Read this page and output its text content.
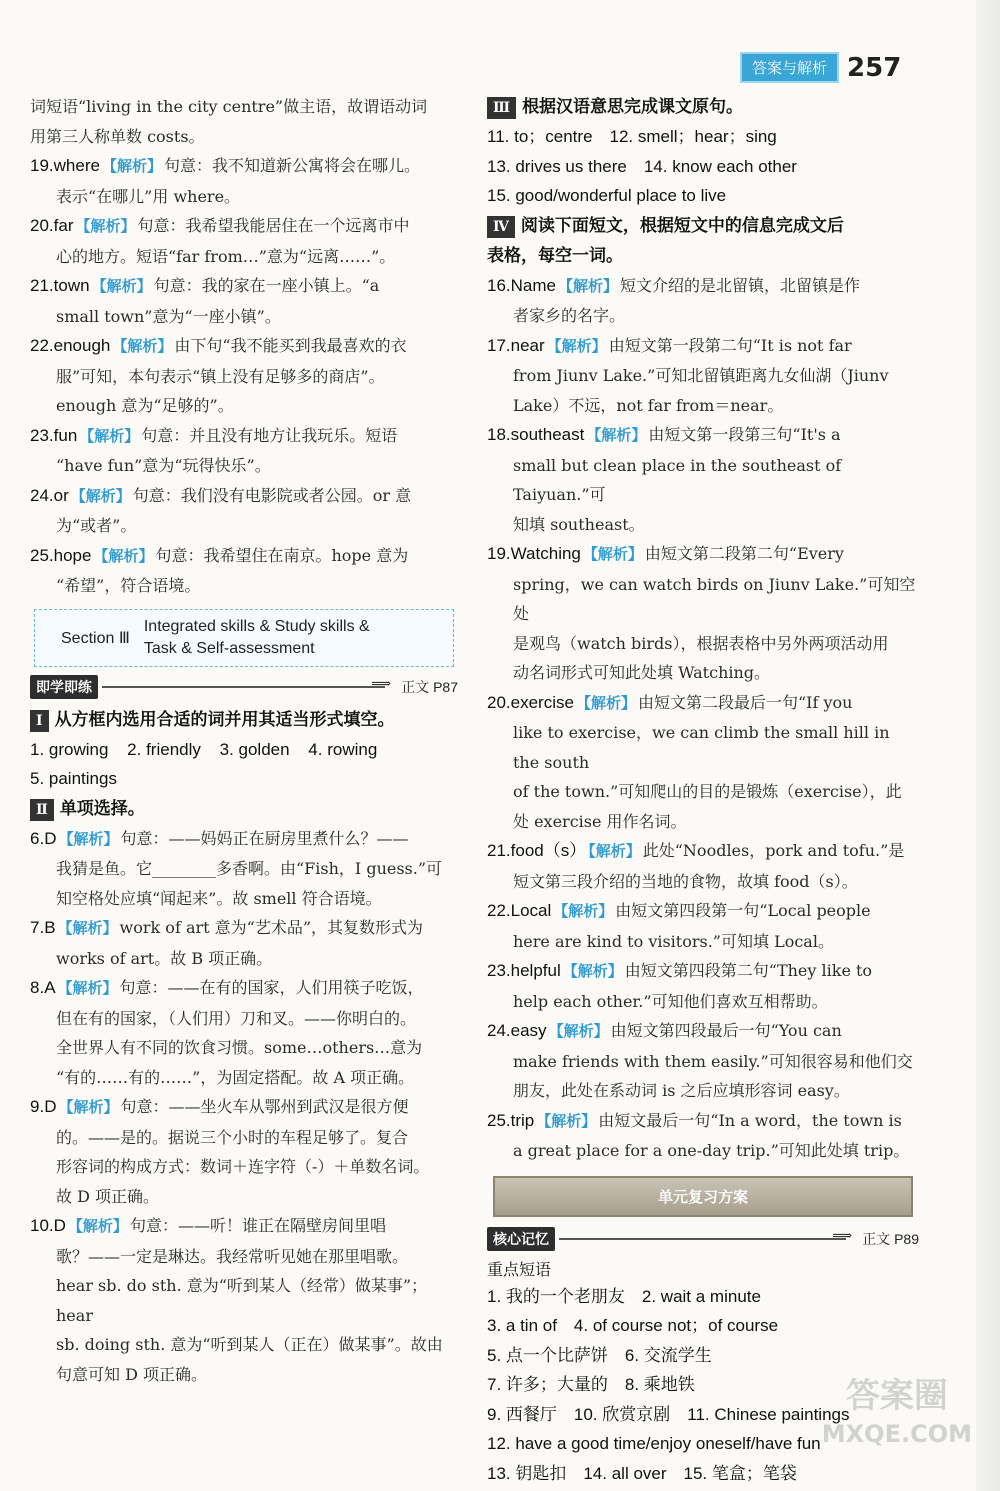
答案与解析 257

词短语“living in the city centre”做主语，故谓语动词

用第三人称单数 costs。

19.where 【解析】 句意：我不知道新公寓将会在哪儿。

表示“在哪儿”用 where。

20.far 【解析】 句意：我希望我能居住在一个远离市中

心的地方。短语“far from…”意为“远离……”。

21.town 【解析】 句意：我的家在一座小镇上。“a

small town”意为“一座小镇”。

22.enough 【解析】 由下句“我不能买到我最喜欢的衣

服”可知，本句表示“镇上没有足够多的商店”。

enough 意为“足够的”。

23.fun 【解析】 句意：并且没有地方让我玩乐。短语

“have fun”意为“玩得快乐”。

24.or 【解析】 句意：我们没有电影院或者公园。or 意

为“或者”。

25.hope 【解析】 句意：我希望住在南京。hope 意为

“希望”，符合语境。

Section Ⅲ
Integrated skills & Study skills &
Task & Self-assessment
即学即练 ⟹	正文 P87

Ⅰ 从方框内选用合适的词并用其适当形式填空。

1. growing 2. friendly 3. golden 4. rowing

5. paintings

Ⅱ 单项选择。

6.D 【解析】 句意：——妈妈正在厨房里煮什么？——

我猜是鱼。它________多香啊。由“Fish，I guess.”可

知空格处应填“闻起来”。故 smell 符合语境。

7.B 【解析】 work of art 意为“艺术品”，其复数形式为

works of art。故 B 项正确。

8.A 【解析】 句意：——在有的国家，人们用筷子吃饭，

但在有的国家，（人们用）刀和叉。——你明白的。

全世界人有不同的饮食习惯。some…others…意为

“有的……有的……”，为固定搭配。故 A 项正确。

9.D 【解析】 句意：——坐火车从鄂州到武汉是很方便

的。——是的。据说三个小时的车程足够了。复合

形容词的构成方式：数词＋连字符（-）＋单数名词。

故 D 项正确。

10.D 【解析】 句意：——听！谁正在隔壁房间里唱

歌？——一定是琳达。我经常听见她在那里唱歌。

hear sb. do sth. 意为“听到某人（经常）做某事”；hear

sb. doing sth. 意为“听到某人（正在）做某事”。故由

句意可知 D 项正确。

Ⅲ 根据汉语意思完成课文原句。

11. to；centre　12. smell；hear；sing

13. drives us there　14. know each other

15. good/wonderful place to live

Ⅳ 阅读下面短文，根据短文中的信息完成文后

表格，每空一词。

16.Name 【解析】 短文介绍的是北留镇，北留镇是作

者家乡的名字。

17.near 【解析】 由短文第一段第二句“It is not far

from Jiunv Lake.”可知北留镇距离九女仙湖（Jiunv

Lake）不远，not far from＝near。

18.southeast 【解析】 由短文第一段第三句“It's a

small but clean place in the southeast of Taiyuan.”可

知填 southeast。

19.Watching 【解析】 由短文第二段第二句“Every

spring，we can watch birds on Jiunv Lake.”可知空处

是观鸟（watch birds），根据表格中另外两项活动用

动名词形式可知此处填 Watching。

20.exercise 【解析】 由短文第二段最后一句“If you

like to exercise，we can climb the small hill in the south

of the town.”可知爬山的目的是锻炼（exercise），此

处 exercise 用作名词。

21.food（s） 【解析】 此处“Noodles，pork and tofu.”是

短文第三段介绍的当地的食物，故填 food（s）。

22.Local 【解析】 由短文第四段第一句“Local people

here are kind to visitors.”可知填 Local。

23.helpful 【解析】 由短文第四段第二句“They like to

help each other.”可知他们喜欢互相帮助。

24.easy 【解析】 由短文第四段最后一句“You can

make friends with them easily.”可知很容易和他们交

朋友，此处在系动词 is 之后应填形容词 easy。

25.trip 【解析】 由短文最后一句“In a word，the town is

a great place for a one-day trip.”可知此处填 trip。

单元复习方案
核心记忆 ⟹	正文 P89

重点短语

1. 我的一个老朋友　2. wait a minute

3. a tin of　4. of course not；of course

5. 点一个比萨饼　6. 交流学生

7. 许多；大量的　8. 乘地铁

9. 西餐厅　10. 欣赏京剧　11. Chinese paintings

12. have a good time/enjoy oneself/have fun

13. 钥匙扣　14. all over　15. 笔盒；笔袋

答案圈
MXQE.COM
